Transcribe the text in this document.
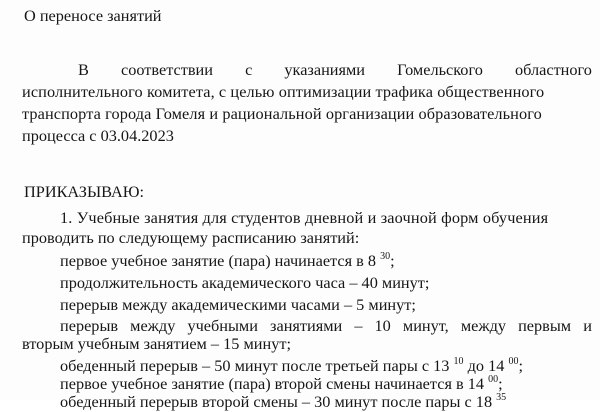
О переносе занятий
В соответствии с указаниями Гомельского областного
исполнительного комитета, с целью оптимизации трафика общественного
транспорта города Гомеля и рациональной организации образовательного
процесса с 03.04.2023
ПРИКАЗЫВАЮ:
1. Учебные занятия для студентов дневной и заочной форм обучения
проводить по следующему расписанию занятий:
первое учебное занятие (пара) начинается в 8 $^{30}$;
продолжительность академического часа – 40 минут;
перерыв между академическими часами – 5 минут;
перерыв между учебными занятиями – 10 минут, между первым и
вторым учебным занятием – 15 минут;
обеденный перерыв – 50 минут после третьей пары с 13 $^{10}$ до 14 $^{00}$;
первое учебное занятие (пара) второй смены начинается в 14 $^{00}$;
обеденный перерыв второй смены – 30 минут после пары с 18 $^{35}$
